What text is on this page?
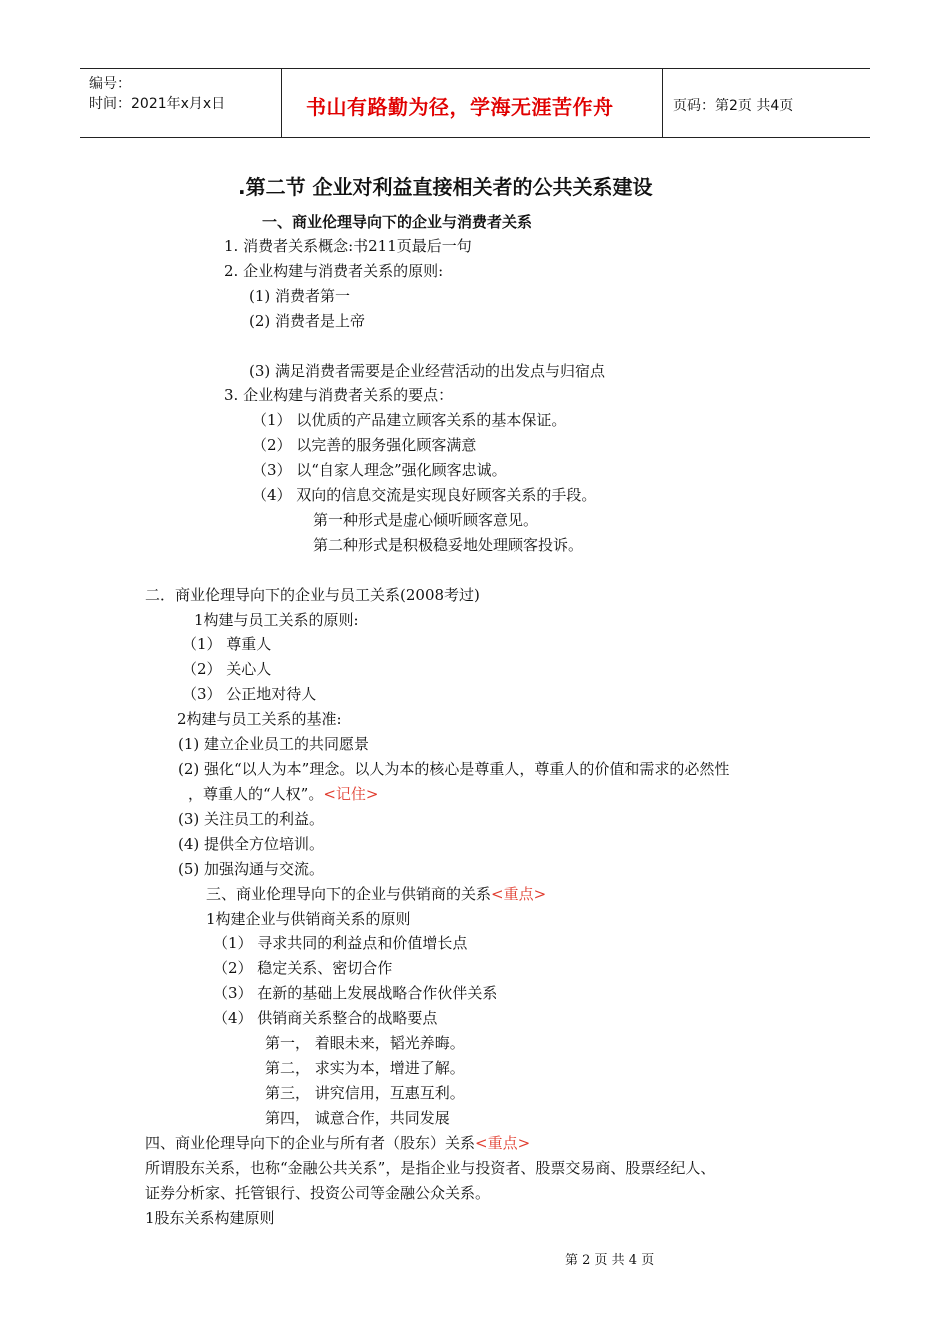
编号：
时间：2021年x月x日	书山有路勤为径，学海无涯苦作舟	页码：第2页 共4页
.第二节 企业对利益直接相关者的公共关系建设
一、商业伦理导向下的企业与消费者关系
1. 消费者关系概念:书211页最后一句
2. 企业构建与消费者关系的原则:
(1) 消费者第一
(2) 消费者是上帝
(3) 满足消费者需要是企业经营活动的出发点与归宿点
3. 企业构建与消费者关系的要点：
（1） 以优质的产品建立顾客关系的基本保证。
（2） 以完善的服务强化顾客满意
（3） 以“自家人理念”强化顾客忠诚。
（4） 双向的信息交流是实现良好顾客关系的手段。
第一种形式是虚心倾听顾客意见。
第二种形式是积极稳妥地处理顾客投诉。
二．商业伦理导向下的企业与员工关系(2008考过)
1构建与员工关系的原则:
（1） 尊重人
（2） 关心人
（3） 公正地对待人
2构建与员工关系的基准:
(1) 建立企业员工的共同愿景
(2) 强化“以人为本”理念。以人为本的核心是尊重人，尊重人的价值和需求的必然性
，尊重人的“人权”。<记住>
(3) 关注员工的利益。
(4) 提供全方位培训。
(5) 加强沟通与交流。
三、商业伦理导向下的企业与供销商的关系<重点>
1构建企业与供销商关系的原则
（1） 寻求共同的利益点和价值增长点
（2） 稳定关系、密切合作
（3） 在新的基础上发展战略合作伙伴关系
（4） 供销商关系整合的战略要点
第一， 着眼未来，韬光养晦。
第二， 求实为本，增进了解。
第三， 讲究信用，互惠互利。
第四， 诚意合作，共同发展
四、商业伦理导向下的企业与所有者（股东）关系<重点>
所谓股东关系，也称“金融公共关系”，是指企业与投资者、股票交易商、股票经纪人、
证券分析家、托管银行、投资公司等金融公众关系。
1股东关系构建原则
第 2 页 共 4 页
